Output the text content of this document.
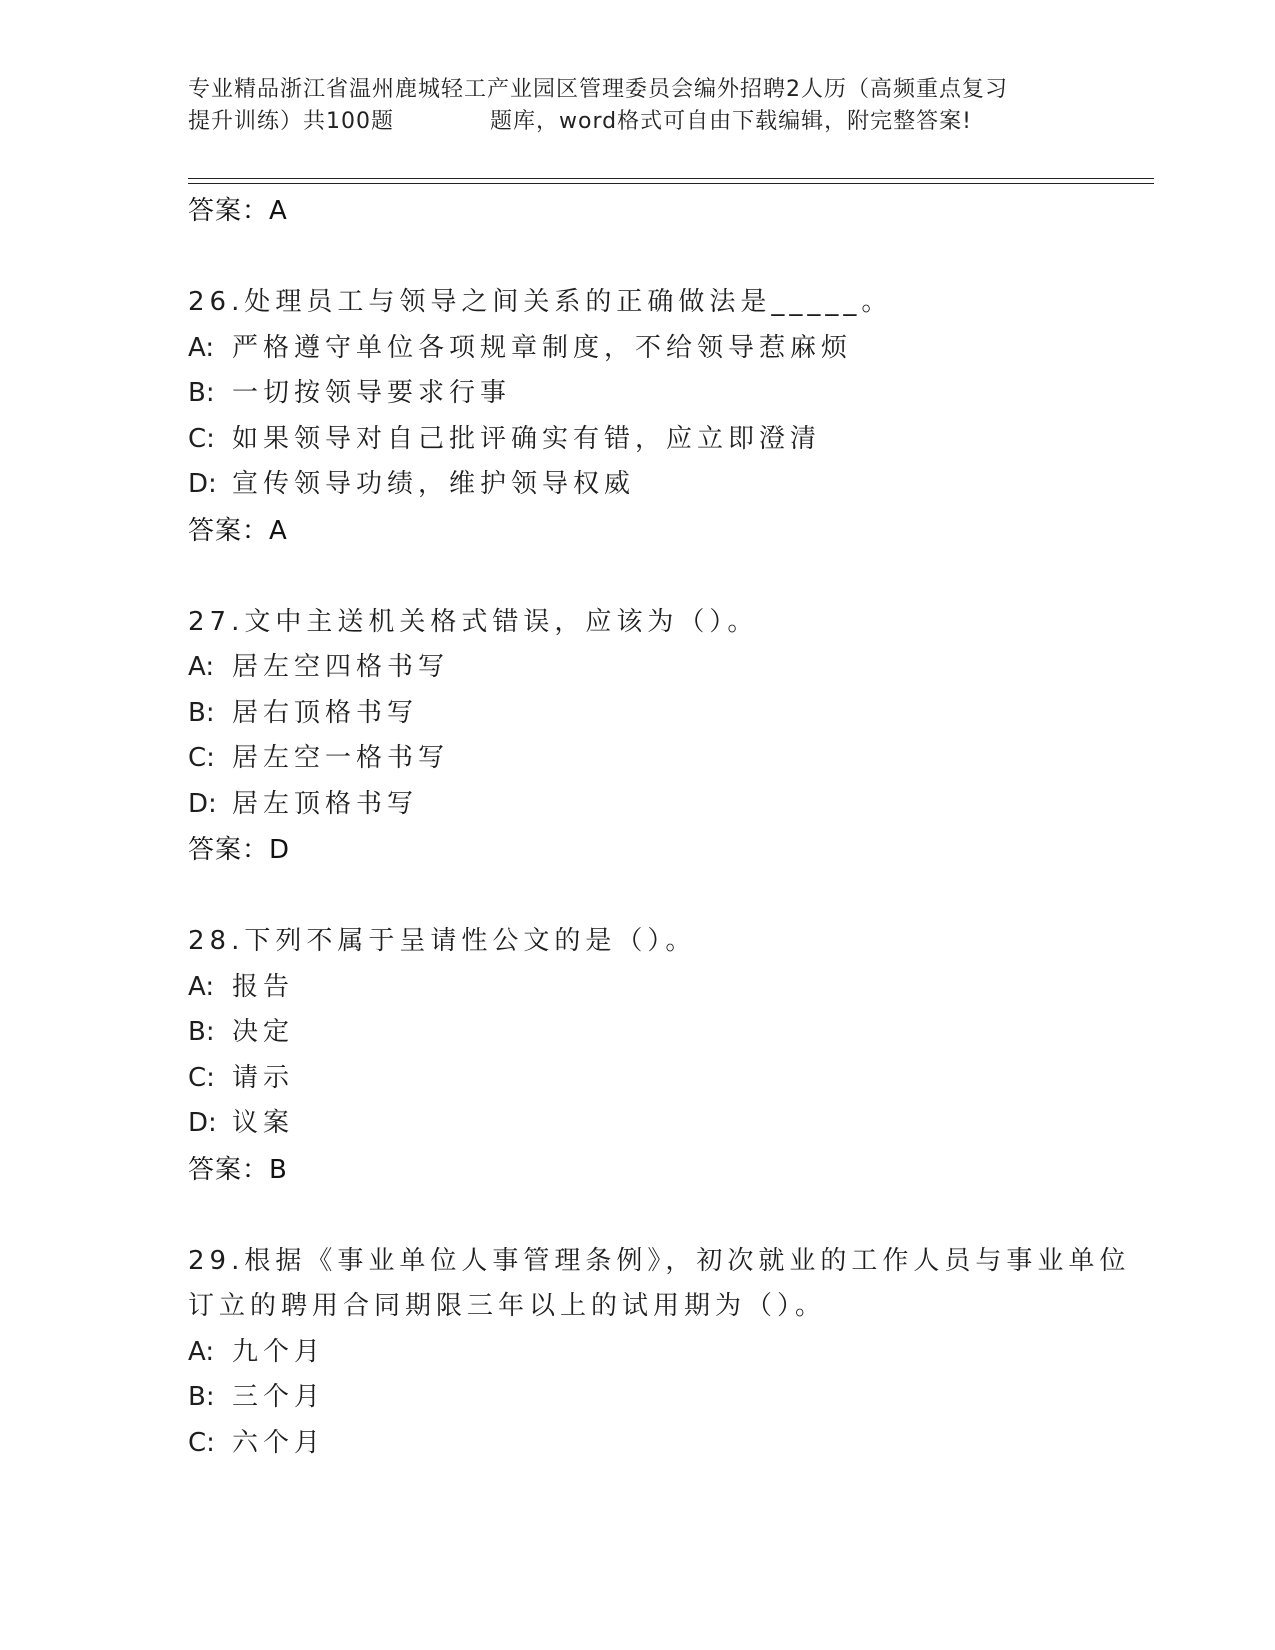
专业精品浙江省温州鹿城轻工产业园区管理委员会编外招聘2人历（高频重点复习
提升训练）共100题	题库，word格式可自由下载编辑，附完整答案!
答案：A
26.处理员工与领导之间关系的正确做法是_____。
A: 严格遵守单位各项规章制度，不给领导惹麻烦
B: 一切按领导要求行事
C: 如果领导对自己批评确实有错，应立即澄清
D: 宣传领导功绩，维护领导权威
答案：A
27.文中主送机关格式错误，应该为（）。
A: 居左空四格书写
B: 居右顶格书写
C: 居左空一格书写
D: 居左顶格书写
答案：D
28.下列不属于呈请性公文的是（）。
A: 报告
B: 决定
C: 请示
D: 议案
答案：B
29.根据《事业单位人事管理条例》，初次就业的工作人员与事业单位
订立的聘用合同期限三年以上的试用期为（）。
A: 九个月
B: 三个月
C: 六个月
